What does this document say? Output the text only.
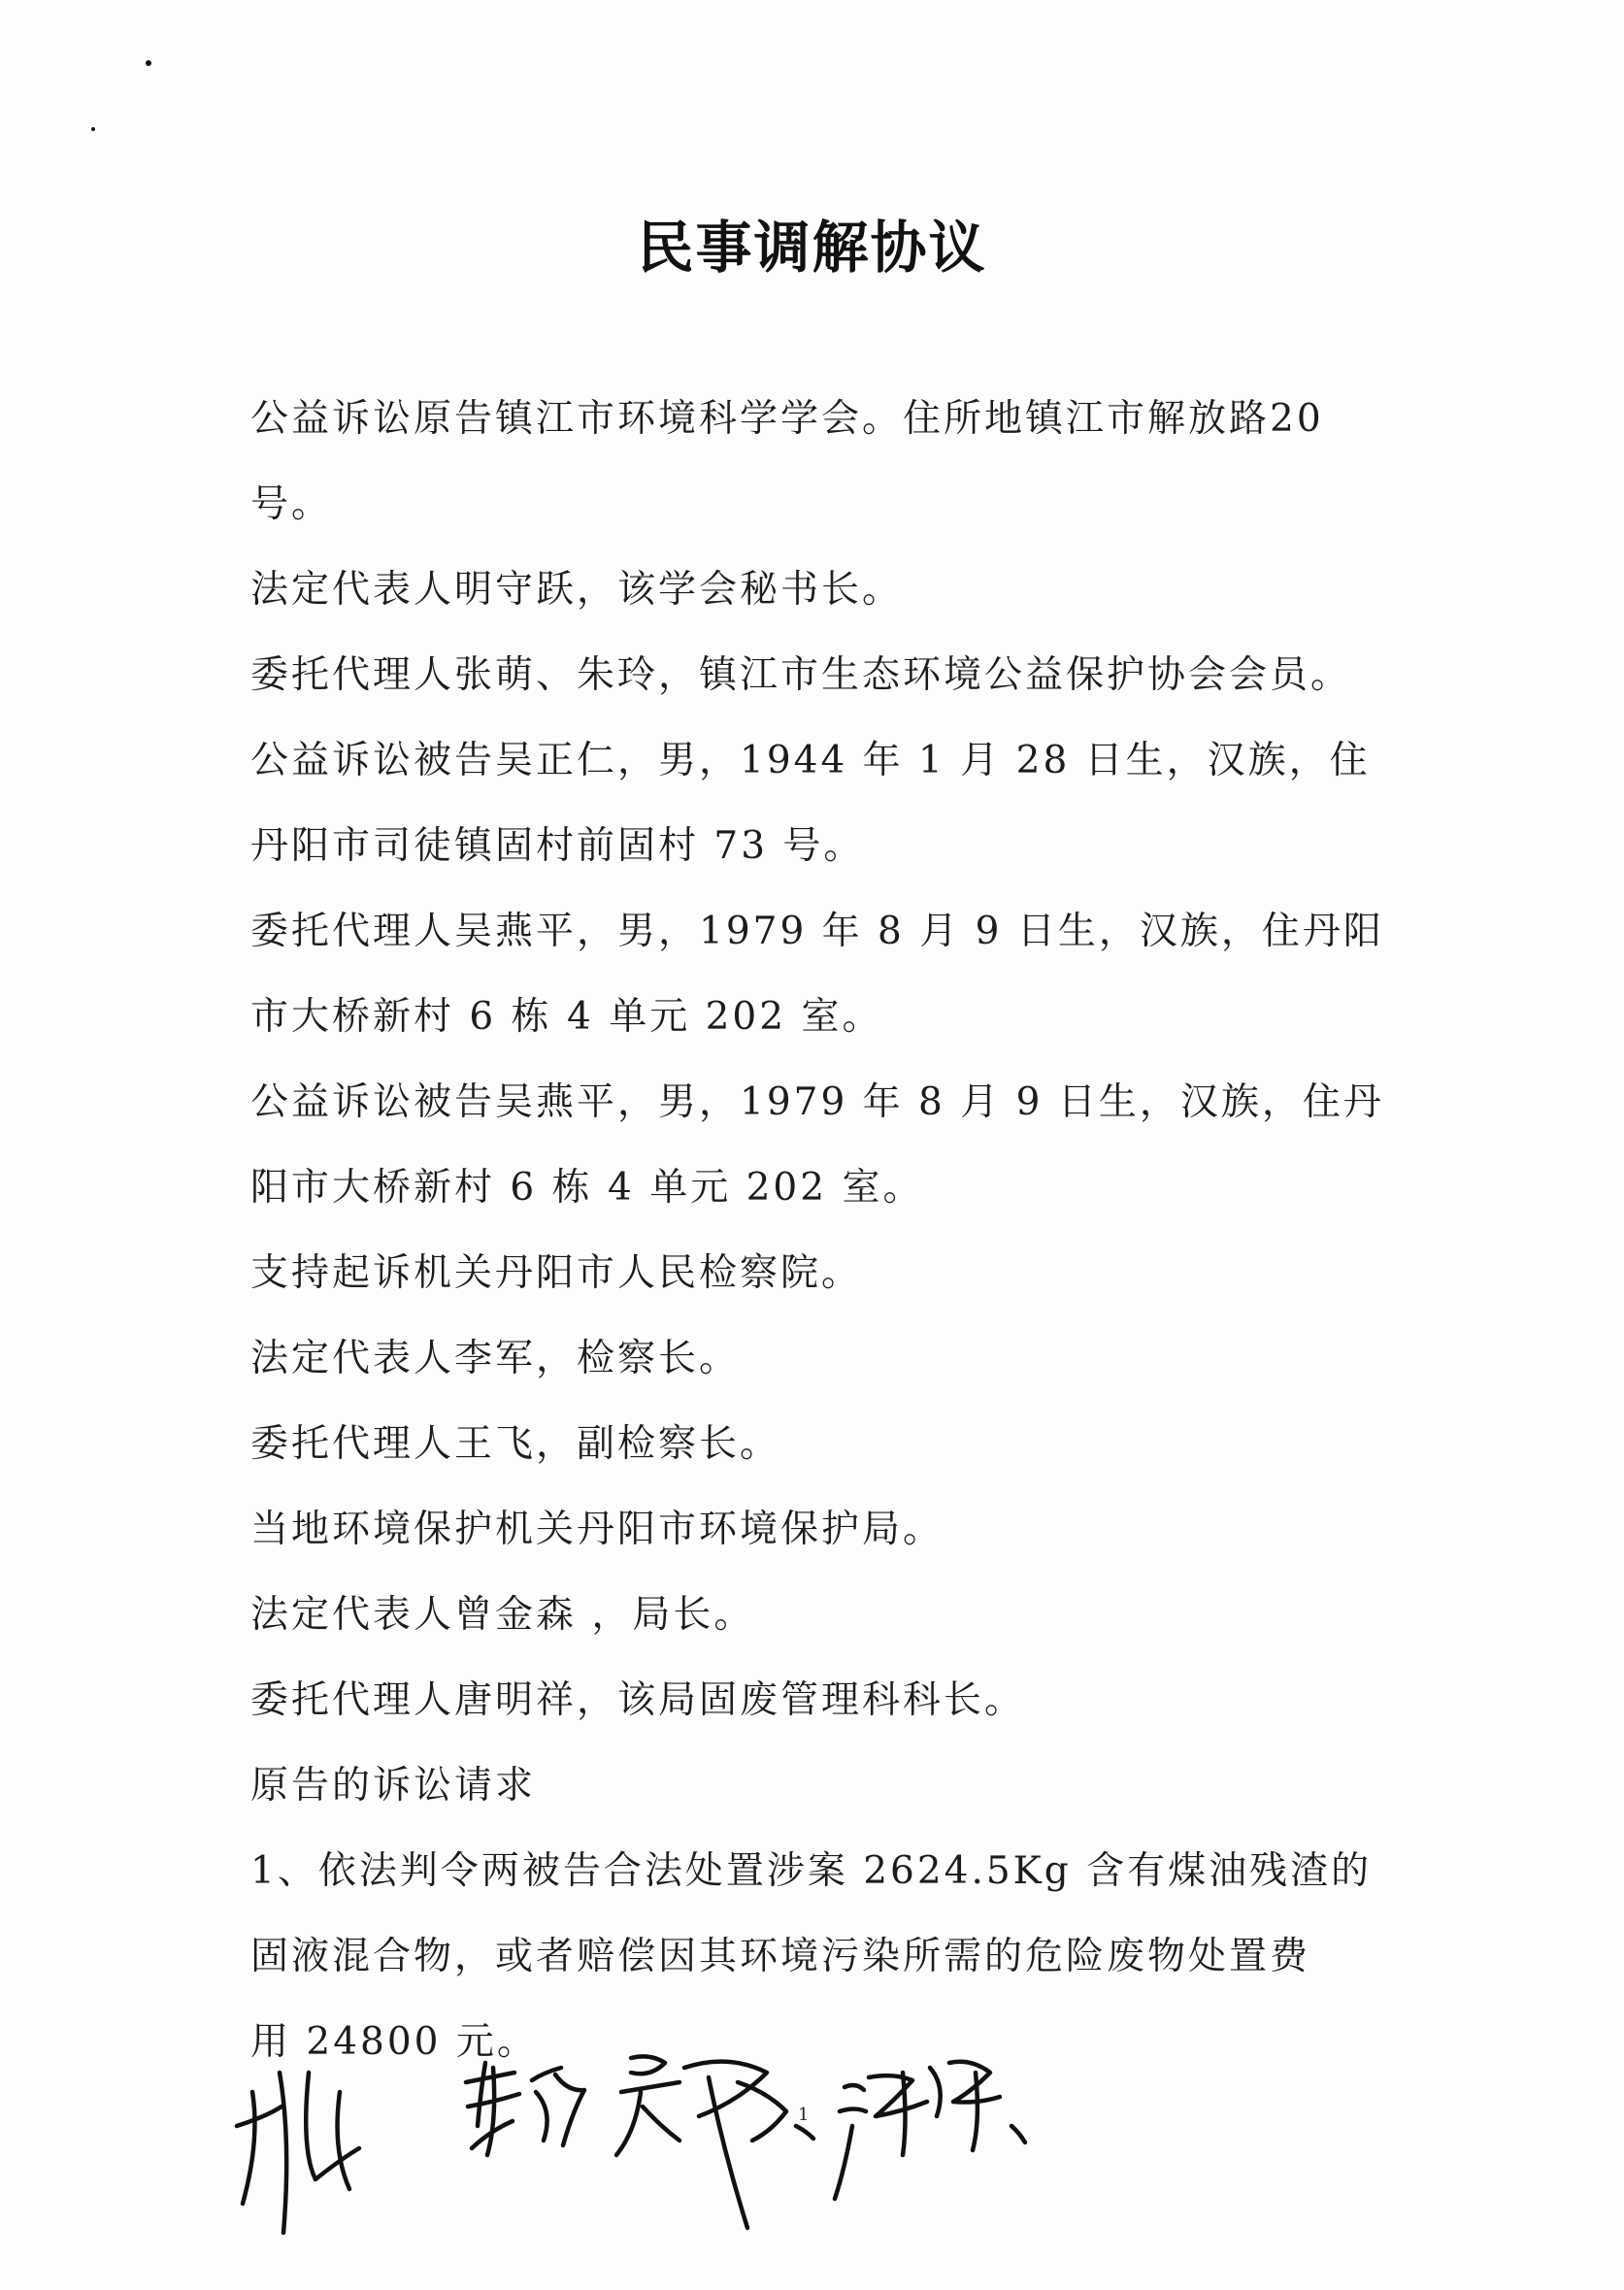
民事调解协议
公益诉讼原告镇江市环境科学学会。住所地镇江市解放路20
号。
法定代表人明守跃，该学会秘书长。
委托代理人张萌、朱玲，镇江市生态环境公益保护协会会员。
公益诉讼被告吴正仁，男，1944 年 1 月 28 日生，汉族，住
丹阳市司徒镇固村前固村 73 号。
委托代理人吴燕平，男，1979 年 8 月 9 日生，汉族，住丹阳
市大桥新村 6 栋 4 单元 202 室。
公益诉讼被告吴燕平，男，1979 年 8 月 9 日生，汉族，住丹
阳市大桥新村 6 栋 4 单元 202 室。
支持起诉机关丹阳市人民检察院。
法定代表人李军，检察长。
委托代理人王飞，副检察长。
当地环境保护机关丹阳市环境保护局。
法定代表人曾金森 ，局长。
委托代理人唐明祥，该局固废管理科科长。
原告的诉讼请求
1、依法判令两被告合法处置涉案 2624.5Kg 含有煤油残渣的
固液混合物，或者赔偿因其环境污染所需的危险废物处置费
用 24800 元。
1
